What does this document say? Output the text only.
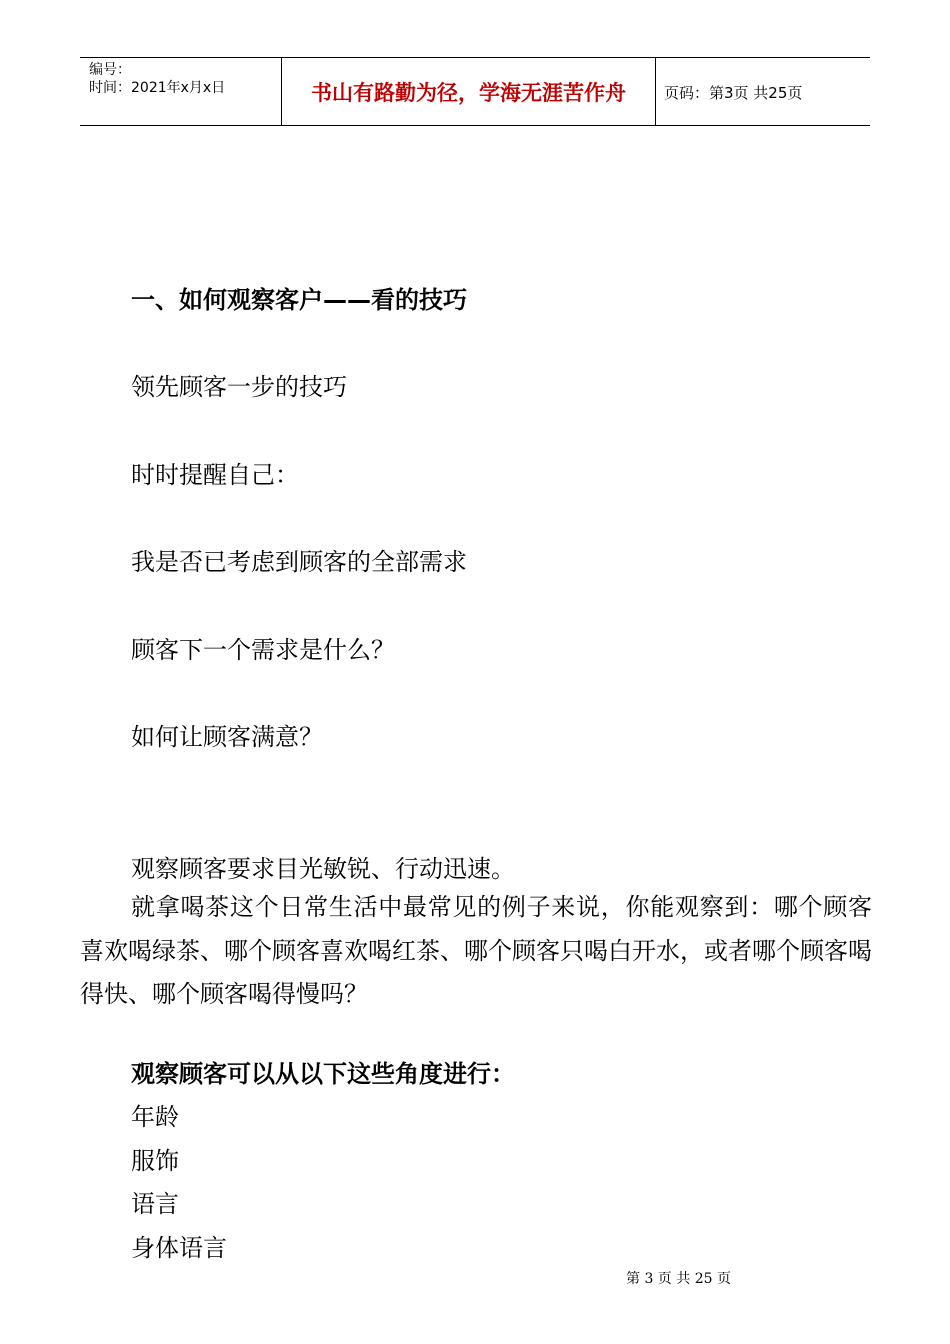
编号：
时间：2021年x月x日	书山有路勤为径，学海无涯苦作舟	页码：第3页 共25页
一、如何观察客户——看的技巧
领先顾客一步的技巧
时时提醒自己：
我是否已考虑到顾客的全部需求
顾客下一个需求是什么？
如何让顾客满意？
观察顾客要求目光敏锐、行动迅速。
就拿喝茶这个日常生活中最常见的例子来说，你能观察到：哪个顾客喜欢喝绿茶、哪个顾客喜欢喝红茶、哪个顾客只喝白开水，或者哪个顾客喝得快、哪个顾客喝得慢吗？
观察顾客可以从以下这些角度进行：
年龄
服饰
语言
身体语言
第 3 页 共 25 页
